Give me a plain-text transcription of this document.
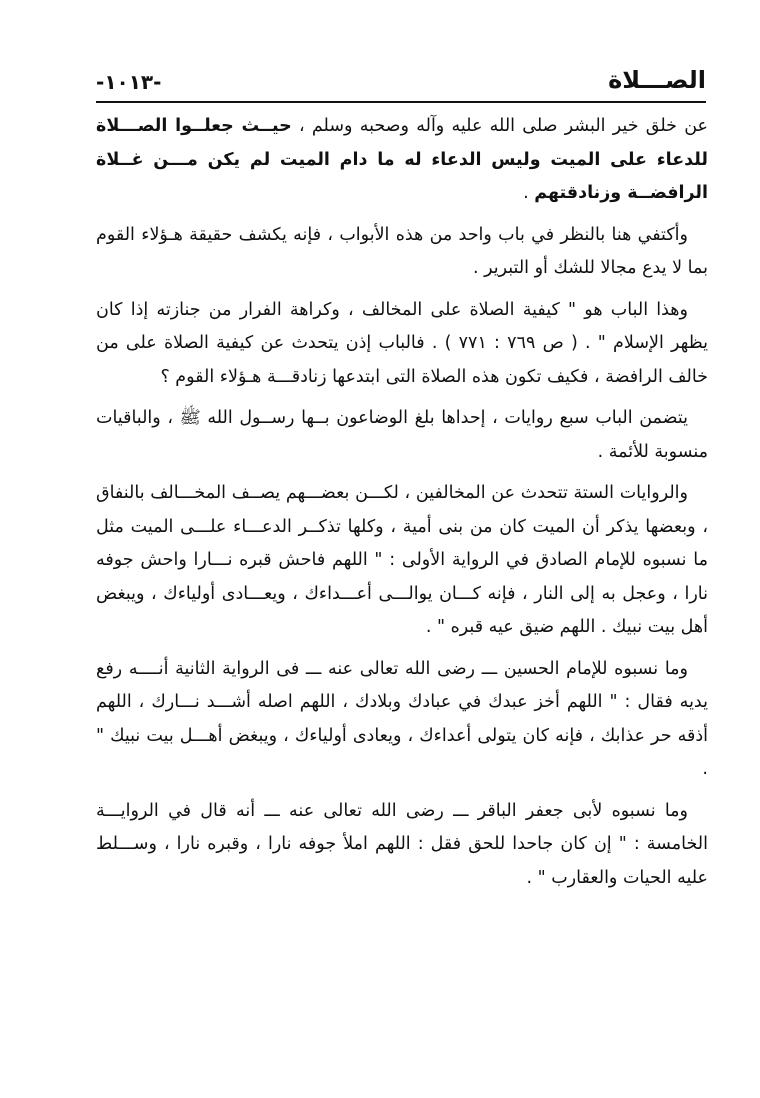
الصـــلاة
-١٠١٣-

عن خلق خير البشر صلى الله عليه وآله وصحبه وسلم ، حيــث جعلــوا الصـــلاة للدعاء على الميت وليس الدعاء له ما دام الميت لم يكن مـــن غــلاة الرافضــة وزنادقتهم .

وأكتفي هنا بالنظر في باب واحد من هذه الأبواب ، فإنه يكشف حقيقة هـؤلاء القوم بما لا يدع مجالا للشك أو التبرير .

وهذا الباب هو " كيفية الصلاة على المخالف ، وكراهة الفرار من جنازته إذا كان يظهر الإسلام " . ( ص ٧٦٩ : ٧٧١ ) . فالباب إذن يتحدث عن كيفية الصلاة على من خالف الرافضة ، فكيف تكون هذه الصلاة التى ابتدعها زنادقـــة هـؤلاء القوم ؟

يتضمن الباب سبع روايات ، إحداها بلغ الوضاعون بــها رســول الله ﷺ ، والباقيات منسوبة للأئمة .

والروايات الستة تتحدث عن المخالفين ، لكـــن بعضـــهم يصــف المخـــالف بالنفاق ، وبعضها يذكر أن الميت كان من بنى أمية ، وكلها تذكــر الدعـــاء علـــى الميت مثل ما نسبوه للإمام الصادق في الرواية الأولى : " اللهم فاحش قبره نـــارا واحش جوفه نارا ، وعجل به إلى النار ، فإنه كـــان يوالـــى أعـــداءك ، ويعـــادى أولياءك ، ويبغض أهل بيت نبيك . اللهم ضيق عيه قبره " .

وما نسبوه للإمام الحسين ـــ رضى الله تعالى عنه ـــ فى الرواية الثانية أنــــه رفع يديه فقال : " اللهم أخز عبدك في عبادك وبلادك ، اللهم اصله أشـــد نـــارك ، اللهم أذقه حر عذابك ، فإنه كان يتولى أعداءك ، ويعادى أولياءك ، ويبغض أهـــل بيت نبيك " .

وما نسبوه لأبى جعفر الباقر ـــ رضى الله تعالى عنه ـــ أنه قال في الروايـــة الخامسة : " إن كان جاحدا للحق فقل : اللهم املأ جوفه نارا ، وقبره نارا ، وســـلط عليه الحيات والعقارب " .
